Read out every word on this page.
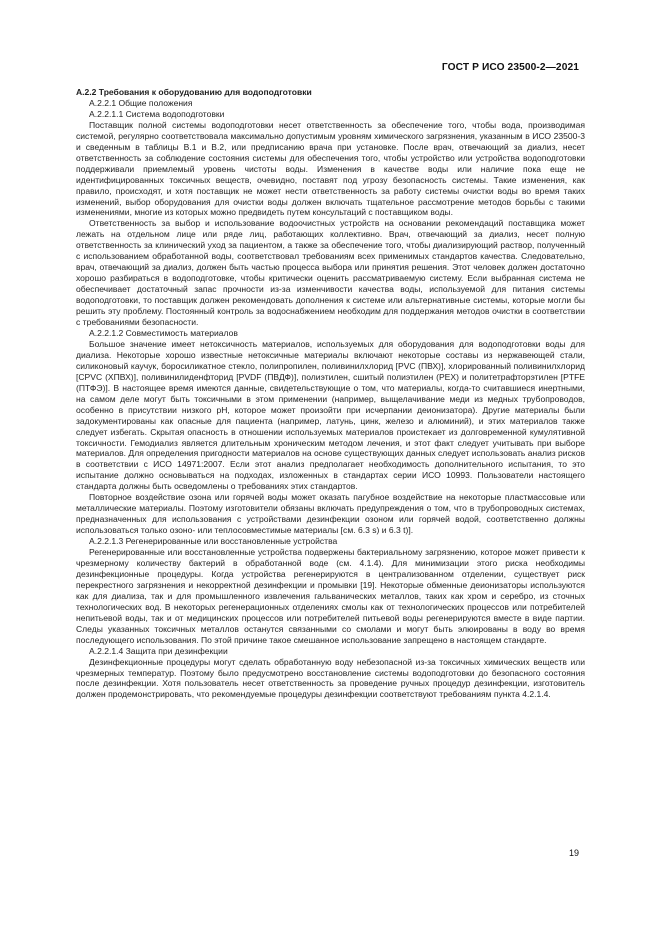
ГОСТ Р ИСО 23500-2—2021

А.2.2 Требования к оборудованию для водоподготовки

А.2.2.1 Общие положения

А.2.2.1.1 Система водоподготовки

Поставщик полной системы водоподготовки несет ответственность за обеспечение того, чтобы вода, производимая системой, регулярно соответствовала максимально допустимым уровням химического загрязнения, указанным в ИСО 23500-3 и сведенным в таблицы В.1 и В.2, или предписанию врача при установке. После врач, отвечающий за диализ, несет ответственность за соблюдение состояния системы для обеспечения того, чтобы устройство или устройства водоподготовки поддерживали приемлемый уровень чистоты воды. Изменения в качестве воды или наличие пока еще не идентифицированных токсичных веществ, очевидно, поставят под угрозу безопасность системы. Такие изменения, как правило, происходят, и хотя поставщик не может нести ответственность за работу системы очистки воды во время таких изменений, выбор оборудования для очистки воды должен включать тщательное рассмотрение методов борьбы с такими изменениями, многие из которых можно предвидеть путем консультаций с поставщиком воды.

Ответственность за выбор и использование водоочистных устройств на основании рекомендаций поставщика может лежать на отдельном лице или ряде лиц, работающих коллективно. Врач, отвечающий за диализ, несет полную ответственность за клинический уход за пациентом, а также за обеспечение того, чтобы диализирующий раствор, полученный с использованием обработанной воды, соответствовал требованиям всех применимых стандартов качества. Следовательно, врач, отвечающий за диализ, должен быть частью процесса выбора или принятия решения. Этот человек должен достаточно хорошо разбираться в водоподготовке, чтобы критически оценить рассматриваемую систему. Если выбранная система не обеспечивает достаточный запас прочности из-за изменчивости качества воды, используемой для питания системы водоподготовки, то поставщик должен рекомендовать дополнения к системе или альтернативные системы, которые могли бы решить эту проблему. Постоянный контроль за водоснабжением необходим для поддержания методов очистки в соответствии с требованиями безопасности.

А.2.2.1.2 Совместимость материалов

Большое значение имеет нетоксичность материалов, используемых для оборудования для водоподготовки воды для диализа. Некоторые хорошо известные нетоксичные материалы включают некоторые составы из нержавеющей стали, силиконовый каучук, боросиликатное стекло, полипропилен, поливинилхлорид [PVC (ПВХ)], хлорированный поливинилхлорид [CPVC (ХПВХ)], поливинилиденфторид [PVDF (ПВДФ)], полиэтилен, сшитый полиэтилен (PEX) и политетрафторэтилен [PTFE (ПТФЭ)]. В настоящее время имеются данные, свидетельствующие о том, что материалы, когда-то считавшиеся инертными, на самом деле могут быть токсичными в этом применении (например, выщелачивание меди из медных трубопроводов, особенно в присутствии низкого pH, которое может произойти при исчерпании деионизатора). Другие материалы были задокументированы как опасные для пациента (например, латунь, цинк, железо и алюминий), и этих материалов также следует избегать. Скрытая опасность в отношении используемых материалов проистекает из долговременной кумулятивной токсичности. Гемодиализ является длительным хроническим методом лечения, и этот факт следует учитывать при выборе материалов. Для определения пригодности материалов на основе существующих данных следует использовать анализ рисков в соответствии с ИСО 14971:2007. Если этот анализ предполагает необходимость дополнительного испытания, то это испытание должно основываться на подходах, изложенных в стандартах серии ИСО 10993. Пользователи настоящего стандарта должны быть осведомлены о требованиях этих стандартов.

Повторное воздействие озона или горячей воды может оказать пагубное воздействие на некоторые пластмассовые или металлические материалы. Поэтому изготовители обязаны включать предупреждения о том, что в трубопроводных системах, предназначенных для использования с устройствами дезинфекции озоном или горячей водой, соответственно должны использоваться только озоно- или теплосовместимые материалы [см. 6.3 s) и 6.3 t)].

А.2.2.1.3 Регенерированные или восстановленные устройства

Регенерированные или восстановленные устройства подвержены бактериальному загрязнению, которое может привести к чрезмерному количеству бактерий в обработанной воде (см. 4.1.4). Для минимизации этого риска необходимы дезинфекционные процедуры. Когда устройства регенерируются в централизованном отделении, существует риск перекрестного загрязнения и некорректной дезинфекции и промывки [19]. Некоторые обменные деионизаторы используются как для диализа, так и для промышленного извлечения гальванических металлов, таких как хром и серебро, из сточных технологических вод. В некоторых регенерационных отделениях смолы как от технологических процессов или потребителей непитьевой воды, так и от медицинских процессов или потребителей питьевой воды регенерируются вместе в виде партии. Следы указанных токсичных металлов останутся связанными со смолами и могут быть элюированы в воду во время последующего использования. По этой причине такое смешанное использование запрещено в настоящем стандарте.

А.2.2.1.4 Защита при дезинфекции

Дезинфекционные процедуры могут сделать обработанную воду небезопасной из-за токсичных химических веществ или чрезмерных температур. Поэтому было предусмотрено восстановление системы водоподготовки до безопасного состояния после дезинфекции. Хотя пользователь несет ответственность за проведение ручных процедур дезинфекции, изготовитель должен продемонстрировать, что рекомендуемые процедуры дезинфекции соответствуют требованиям пункта 4.2.1.4.

19
